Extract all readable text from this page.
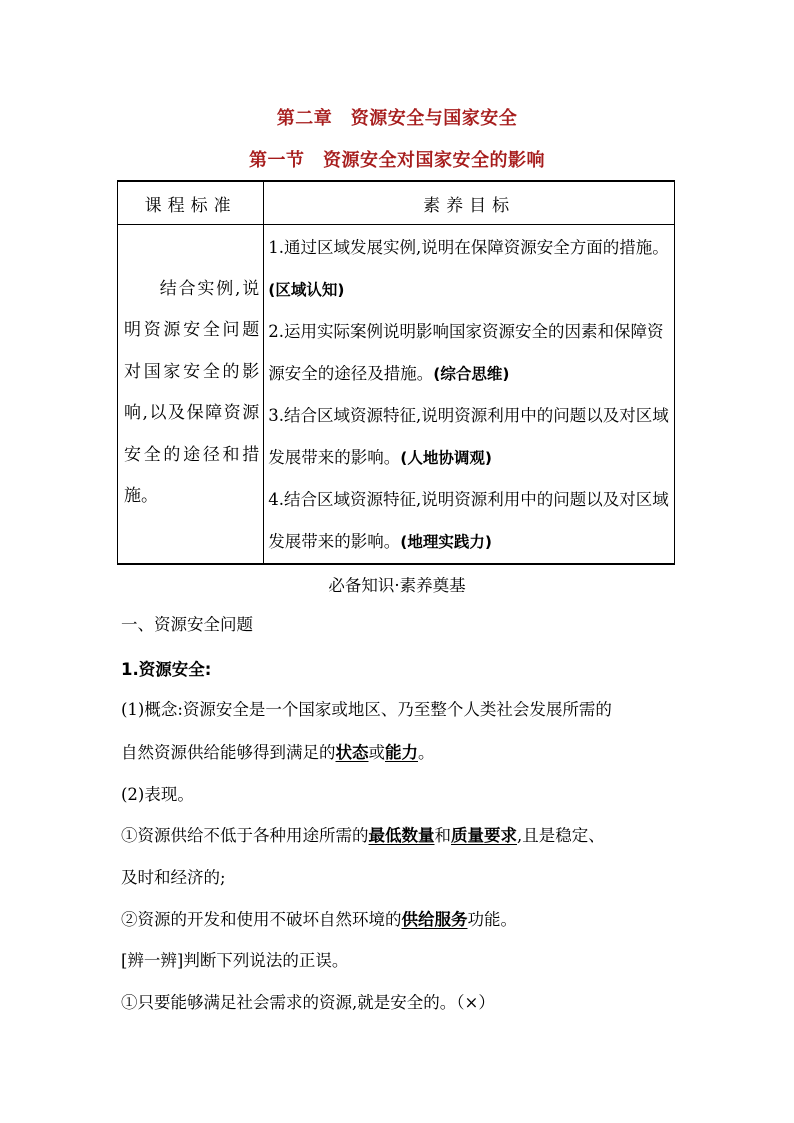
第二章　资源安全与国家安全
第一节　资源安全对国家安全的影响
课程标准	素养目标

结合实例,说明资源安全问题对国家安全的影响,以及保障资源安全的途径和措施。	1.通过区域发展实例,说明在保障资源安全方面的措施。(区域认知)
2.运用实际案例说明影响国家资源安全的因素和保障资源安全的途径及措施。(综合思维)
3.结合区域资源特征,说明资源利用中的问题以及对区域发展带来的影响。(人地协调观)
4.结合区域资源特征,说明资源利用中的问题以及对区域发展带来的影响。(地理实践力)
必备知识·素养奠基
一、资源安全问题
1.资源安全:
(1)概念:资源安全是一个国家或地区、乃至整个人类社会发展所需的
自然资源供给能够得到满足的状态或能力。
(2)表现。
①资源供给不低于各种用途所需的最低数量和质量要求,且是稳定、
及时和经济的;
②资源的开发和使用不破坏自然环境的供给服务功能。
[辨一辨]判断下列说法的正误。
①只要能够满足社会需求的资源,就是安全的。（×）
